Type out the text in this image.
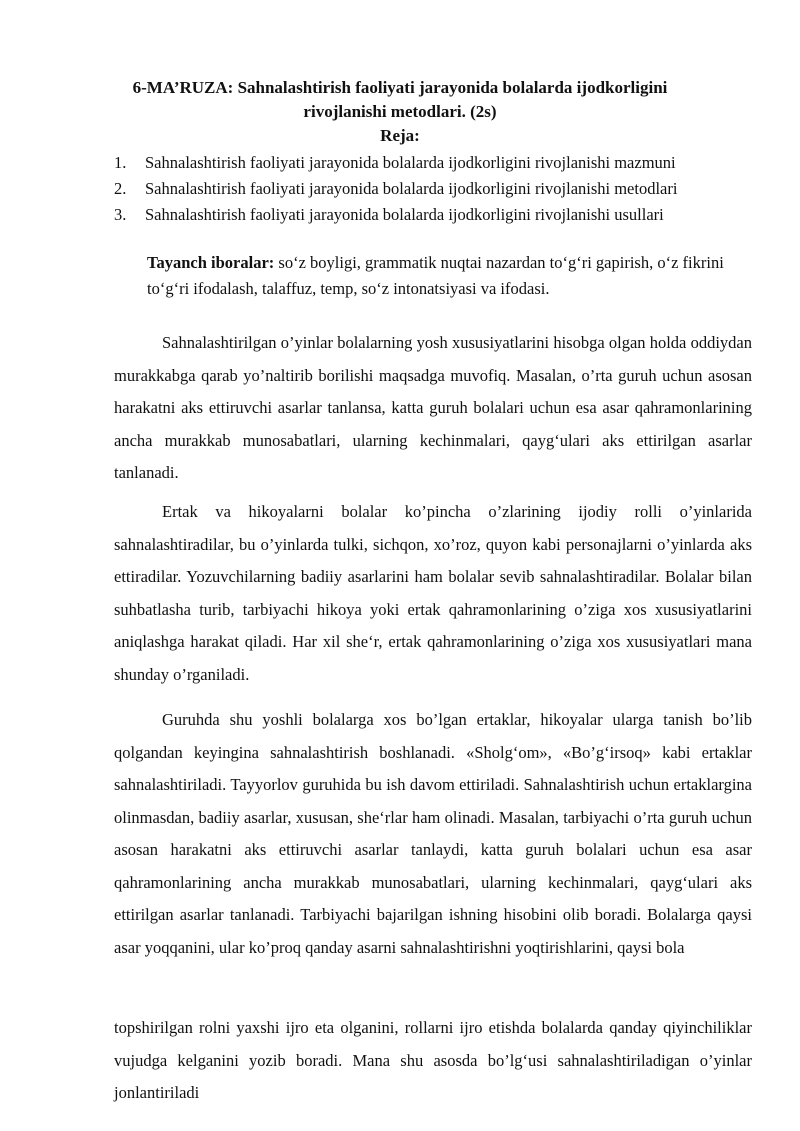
6-MA’RUZA: Sahnalashtirish faoliyati jarayonida bolalarda ijodkorligini rivojlanishi metodlari. (2s)
Reja:
1.	Sahnalashtirish faoliyati jarayonida bolalarda ijodkorligini rivojlanishi mazmuni
2.	Sahnalashtirish faoliyati jarayonida bolalarda ijodkorligini rivojlanishi metodlari
3.	Sahnalashtirish faoliyati jarayonida bolalarda ijodkorligini rivojlanishi usullari
Tayanch iboralar: so‘z boyligi, grammatik nuqtai nazardan to‘g‘ri gapirish, o‘z fikrini to‘g‘ri ifodalash, talaffuz, temp, so‘z intonatsiyasi va ifodasi.

Sahnalashtirilgan o’yinlar bolalarning yosh xususiyatlarini hisobga olgan holda oddiydan murakkabga qarab yo’naltirib borilishi maqsadga muvofiq. Masalan, o’rta guruh uchun asosan harakatni aks ettiruvchi asarlar tanlansa, katta guruh bolalari uchun esa asar qahramonlarining ancha murakkab munosabatlari, ularning kechinmalari, qayg‘ulari aks ettirilgan asarlar tanlanadi.

Ertak va hikoyalarni bolalar ko’pincha o’zlarining ijodiy rolli o’yinlarida sahnalashtiradilar, bu o’yinlarda tulki, sichqon, xo’roz, quyon kabi personajlarni o’yinlarda aks ettiradilar. Yozuvchilarning badiiy asarlarini ham bolalar sevib sahnalashtiradilar. Bolalar bilan suhbatlasha turib, tarbiyachi hikoya yoki ertak qahramonlarining o’ziga xos xususiyatlarini aniqlashga harakat qiladi. Har xil she‘r, ertak qahramonlarining o’ziga xos xususiyatlari mana shunday o’rganiladi.

Guruhda shu yoshli bolalarga xos bo’lgan ertaklar, hikoyalar ularga tanish bo’lib qolgandan keyingina sahnalashtirish boshlanadi. «Sholg‘om», «Bo’g‘irsoq» kabi ertaklar sahnalashtiriladi. Tayyorlov guruhida bu ish davom ettiriladi. Sahnalashtirish uchun ertaklargina olinmasdan, badiiy asarlar, xususan, she‘rlar ham olinadi. Masalan, tarbiyachi o’rta guruh uchun asosan harakatni aks ettiruvchi asarlar tanlaydi, katta guruh bolalari uchun esa asar qahramonlarining ancha murakkab munosabatlari, ularning kechinmalari, qayg‘ulari aks ettirilgan asarlar tanlanadi. Tarbiyachi bajarilgan ishning hisobini olib boradi. Bolalarga qaysi asar yoqqanini, ular ko’proq qanday asarni sahnalashtirishni yoqtirishlarini, qaysi bola

topshirilgan rolni yaxshi ijro eta olganini, rollarni ijro etishda bolalarda qanday qiyinchiliklar vujudga kelganini yozib boradi. Mana shu asosda bo’lg‘usi sahnalashtiriladigan o’yinlar jonlantiriladi
